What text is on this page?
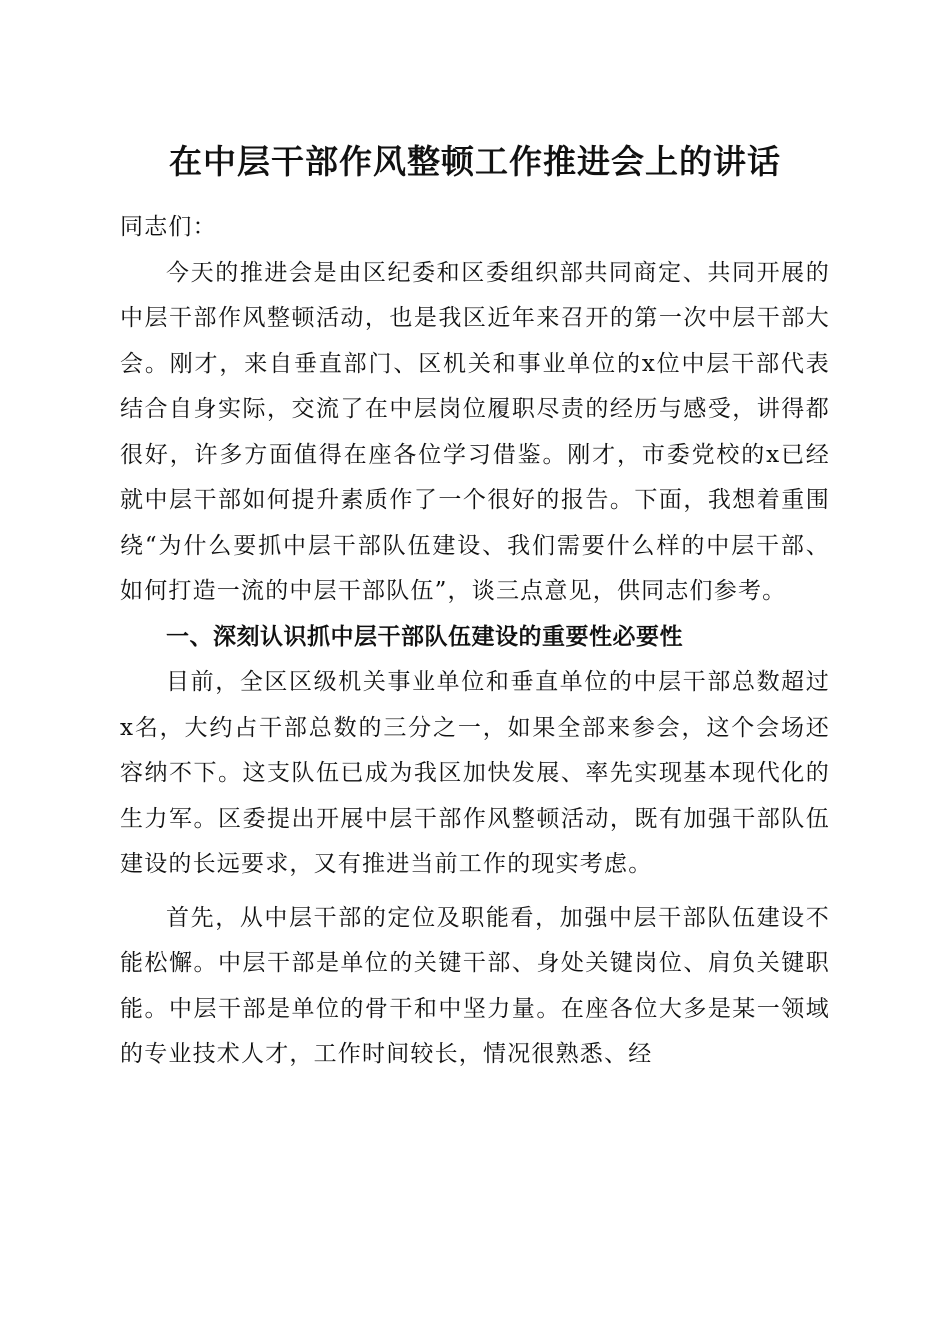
在中层干部作风整顿工作推进会上的讲话

同志们：

今天的推进会是由区纪委和区委组织部共同商定、共同开展的中层干部作风整顿活动，也是我区近年来召开的第一次中层干部大会。刚才，来自垂直部门、区机关和事业单位的x位中层干部代表结合自身实际，交流了在中层岗位履职尽责的经历与感受，讲得都很好，许多方面值得在座各位学习借鉴。刚才，市委党校的x已经就中层干部如何提升素质作了一个很好的报告。下面，我想着重围绕“为什么要抓中层干部队伍建设、我们需要什么样的中层干部、如何打造一流的中层干部队伍”，谈三点意见，供同志们参考。

一、深刻认识抓中层干部队伍建设的重要性必要性

目前，全区区级机关事业单位和垂直单位的中层干部总数超过x名，大约占干部总数的三分之一，如果全部来参会，这个会场还容纳不下。这支队伍已成为我区加快发展、率先实现基本现代化的生力军。区委提出开展中层干部作风整顿活动，既有加强干部队伍建设的长远要求，又有推进当前工作的现实考虑。

首先，从中层干部的定位及职能看，加强中层干部队伍建设不能松懈。中层干部是单位的关键干部、身处关键岗位、肩负关键职能。中层干部是单位的骨干和中坚力量。在座各位大多是某一领域的专业技术人才，工作时间较长，情况很熟悉、经
